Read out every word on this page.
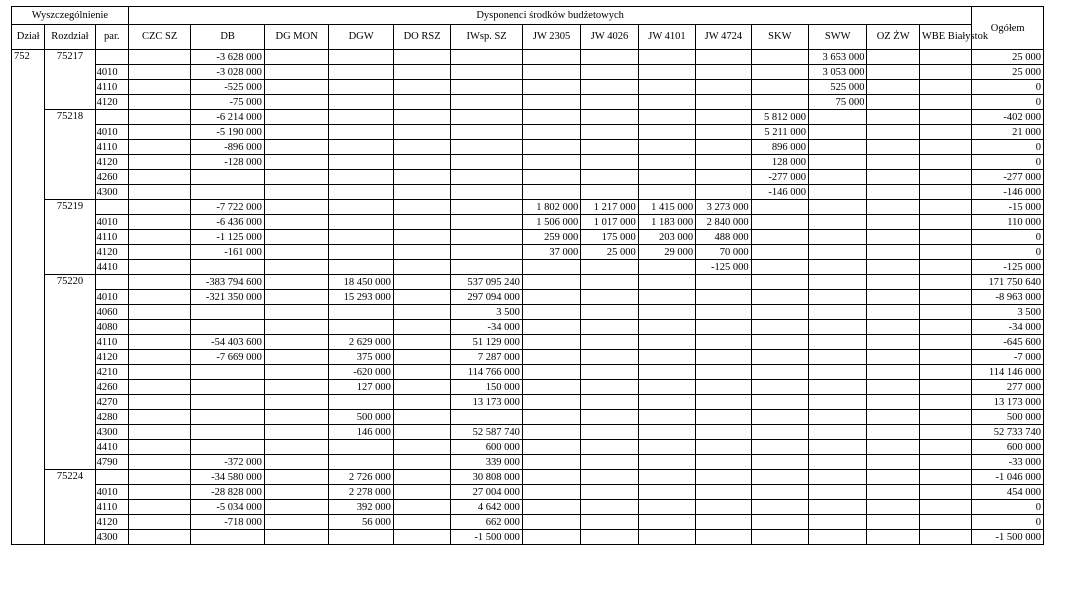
Wyszczególnienie			Dysponenci środków budżetowych														Ogółem
Dział	Rozdział	par.	CZC SZ	DB	DG MON	DGW	DO RSZ	IWsp. SZ	JW 2305	JW 4026	JW 4101	JW 4724	SKW	SWW	OZ ŻW	WBE Białystok	
752	75217			-3 628 000										3 653 000			25 000
		4010		-3 028 000										3 053 000			25 000
		4110		-525 000										525 000			0
		4120		-75 000										75 000			0
	75218			-6 214 000									5 812 000				-402 000
		4010		-5 190 000									5 211 000				21 000
		4110		-896 000									896 000				0
		4120		-128 000									128 000				0
		4260											-277 000				-277 000
		4300											-146 000				-146 000
	75219			-7 722 000					1 802 000	1 217 000	1 415 000	3 273 000					-15 000
		4010		-6 436 000					1 506 000	1 017 000	1 183 000	2 840 000					110 000
		4110		-1 125 000					259 000	175 000	203 000	488 000					0
		4120		-161 000					37 000	25 000	29 000	70 000					0
		4410										-125 000					-125 000
	75220			-383 794 600		18 450 000		537 095 240									171 750 640
		4010		-321 350 000		15 293 000		297 094 000									-8 963 000
		4060						3 500									3 500
		4080						-34 000									-34 000
		4110		-54 403 600		2 629 000		51 129 000									-645 600
		4120		-7 669 000		375 000		7 287 000									-7 000
		4210				-620 000		114 766 000									114 146 000
		4260				127 000		150 000									277 000
		4270						13 173 000									13 173 000
		4280				500 000											500 000
		4300				146 000		52 587 740									52 733 740
		4410						600 000									600 000
		4790		-372 000				339 000									-33 000
	75224			-34 580 000		2 726 000		30 808 000									-1 046 000
		4010		-28 828 000		2 278 000		27 004 000									454 000
		4110		-5 034 000		392 000		4 642 000									0
		4120		-718 000		56 000		662 000									0
		4300						-1 500 000									-1 500 000
